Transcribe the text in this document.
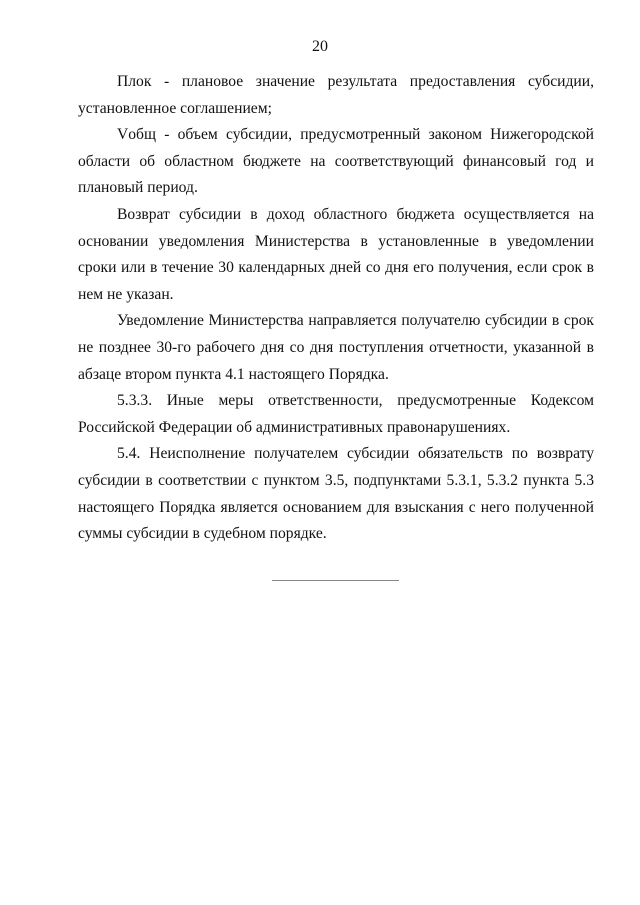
20

Плок - плановое значение результата предоставления субсидии, установленное соглашением;

Vобщ - объем субсидии, предусмотренный законом Нижегородской области об областном бюджете на соответствующий финансовый год и плановый период.

Возврат субсидии в доход областного бюджета осуществляется на основании уведомления Министерства в установленные в уведомлении сроки или в течение 30 календарных дней со дня его получения, если срок в нем не указан.

Уведомление Министерства направляется получателю субсидии в срок не позднее 30-го рабочего дня со дня поступления отчетности, указанной в абзаце втором пункта 4.1 настоящего Порядка.

5.3.3. Иные меры ответственности, предусмотренные Кодексом Российской Федерации об административных правонарушениях.

5.4. Неисполнение получателем субсидии обязательств по возврату субсидии в соответствии с пунктом 3.5, подпунктами 5.3.1, 5.3.2 пункта 5.3 настоящего Порядка является основанием для взыскания с него полученной суммы субсидии в судебном порядке.
